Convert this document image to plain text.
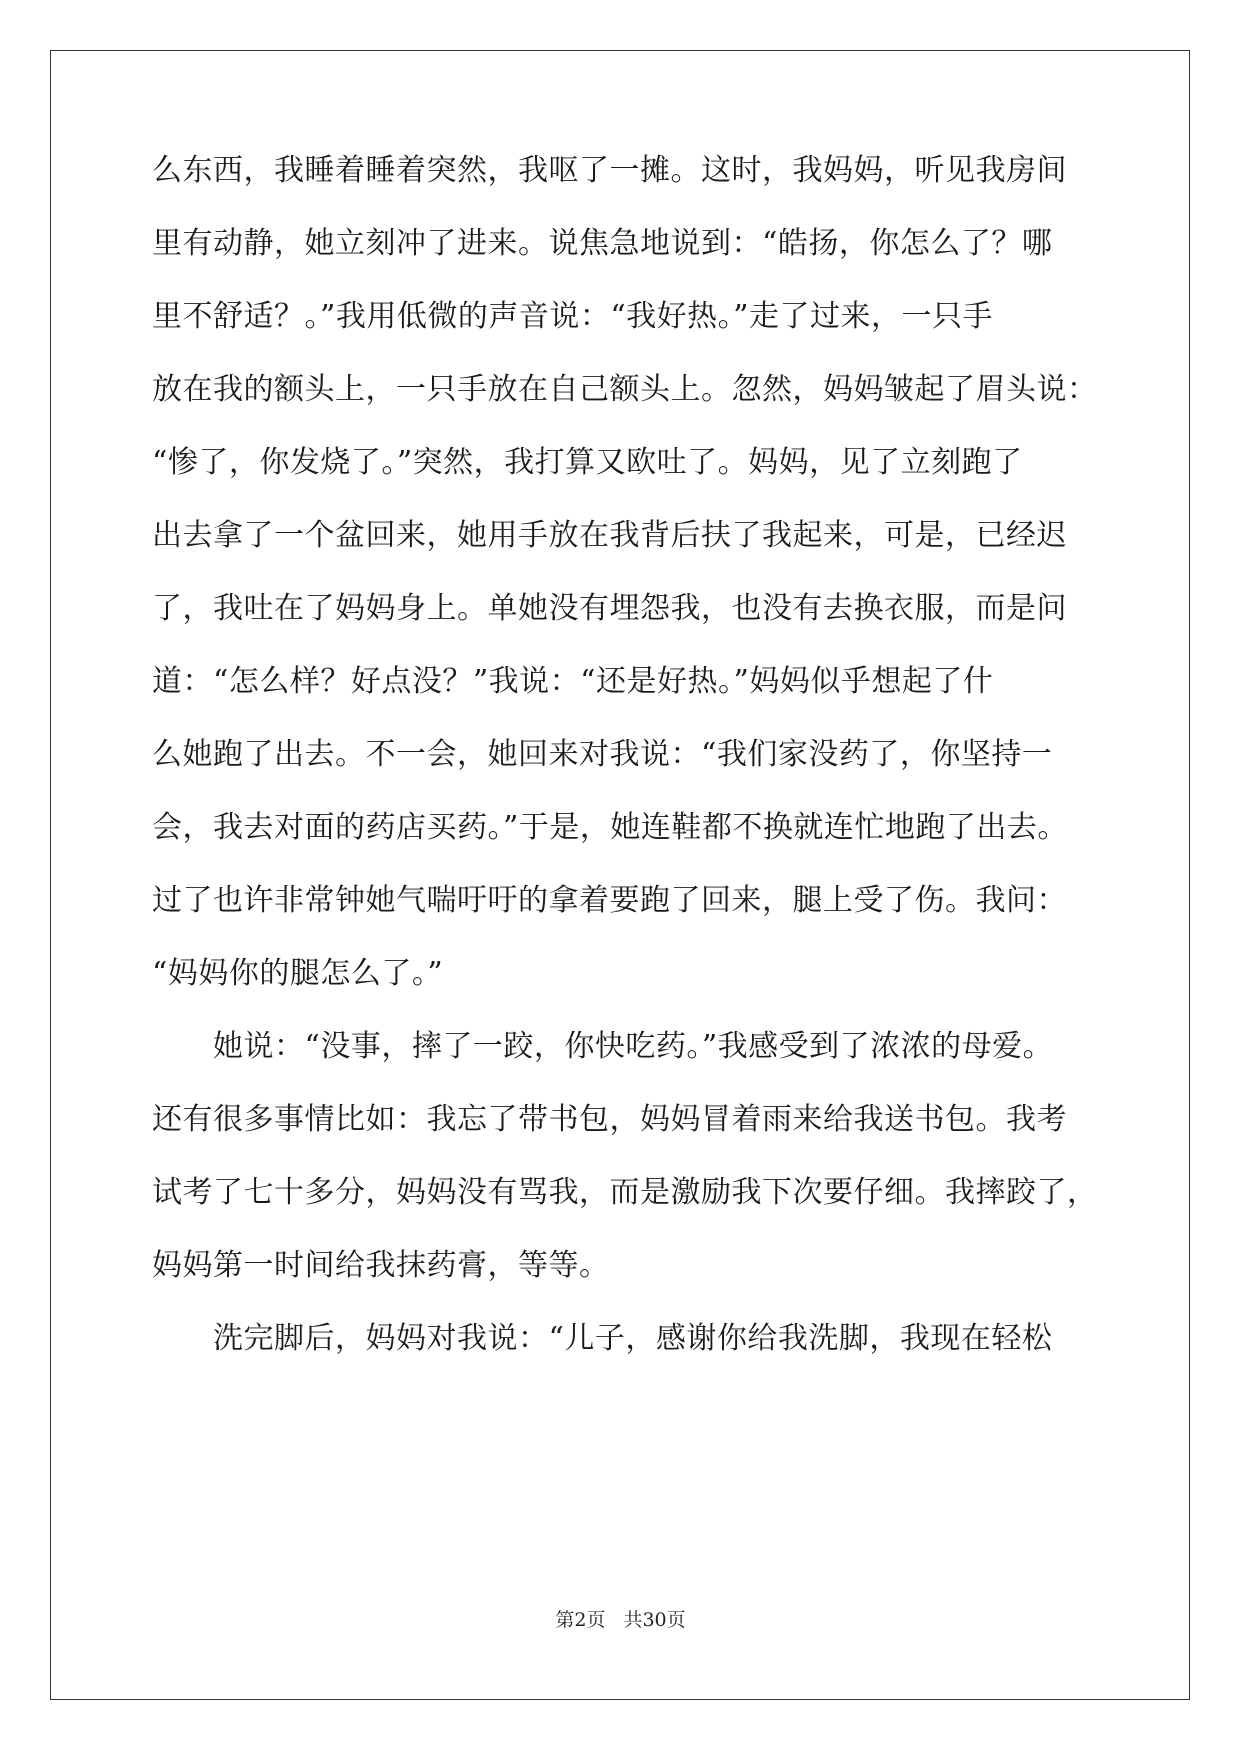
么东西，我睡着睡着突然，我呕了一摊。这时，我妈妈，听见我房间
里有动静，她立刻冲了进来。说焦急地说到：“皓扬，你怎么了？哪
里不舒适？。”我用低微的声音说：“我好热。”走了过来，一只手
放在我的额头上，一只手放在自己额头上。忽然，妈妈皱起了眉头说：
“惨了，你发烧了。”突然，我打算又欧吐了。妈妈，见了立刻跑了
出去拿了一个盆回来，她用手放在我背后扶了我起来，可是，已经迟
了，我吐在了妈妈身上。单她没有埋怨我，也没有去换衣服，而是问
道：“怎么样？好点没？”我说：“还是好热。”妈妈似乎想起了什
么她跑了出去。不一会，她回来对我说：“我们家没药了，你坚持一
会，我去对面的药店买药。”于是，她连鞋都不换就连忙地跑了出去。
过了也许非常钟她气喘吁吁的拿着要跑了回来，腿上受了伤。我问：
“妈妈你的腿怎么了。”
　　她说：“没事，摔了一跤，你快吃药。”我感受到了浓浓的母爱。
还有很多事情比如：我忘了带书包，妈妈冒着雨来给我送书包。我考
试考了七十多分，妈妈没有骂我，而是激励我下次要仔细。我摔跤了，
妈妈第一时间给我抹药膏，等等。
　　洗完脚后，妈妈对我说：“儿子，感谢你给我洗脚，我现在轻松
第2页 共30页
